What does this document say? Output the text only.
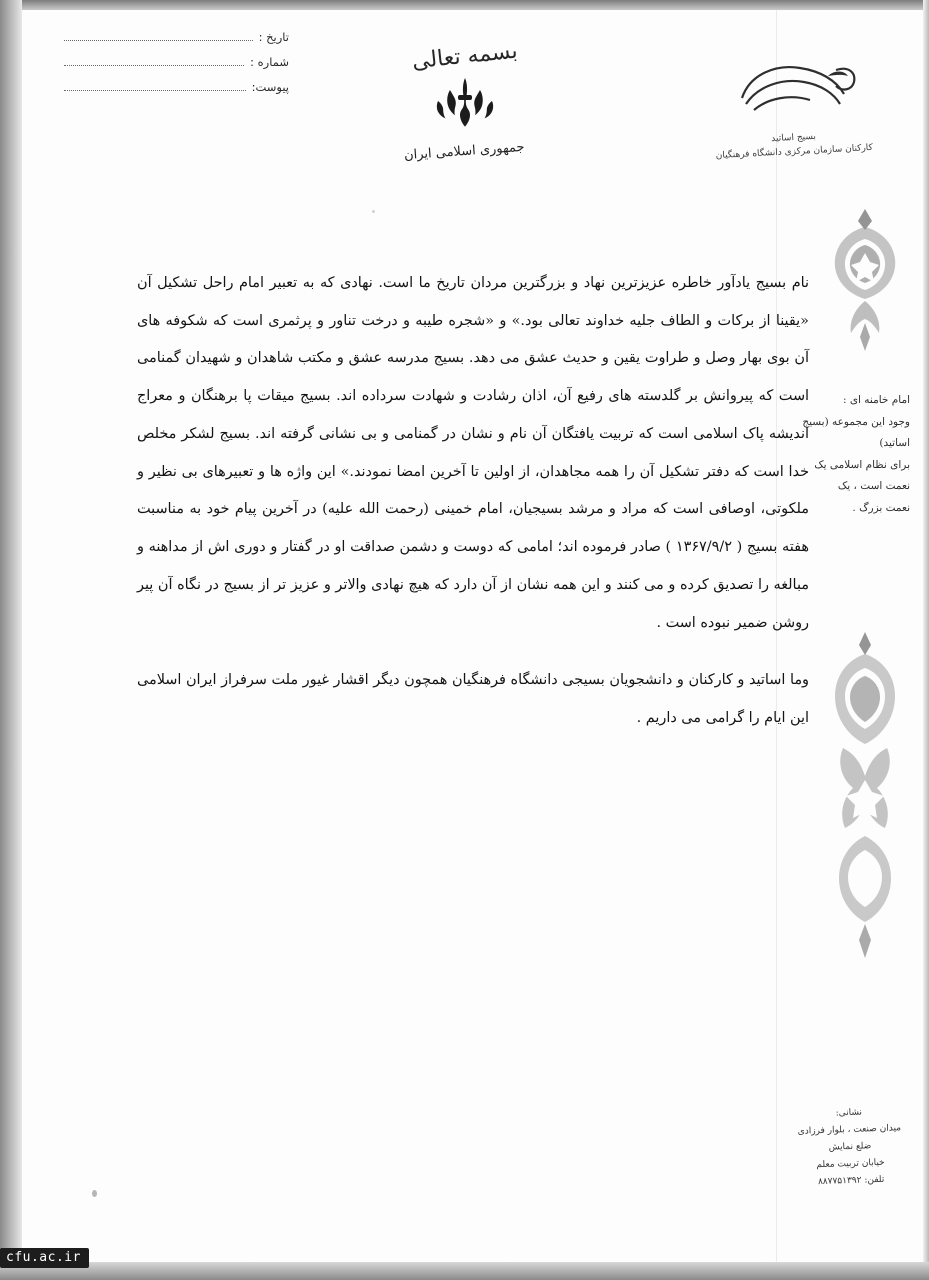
تاریخ :
شماره :
پیوست:
بسمه تعالی
جمهوری اسلامی ایران
بسیج اساتید
کارکنان سازمان مرکزی دانشگاه فرهنگیان

امام خامنه ای :

وجود این مجموعه (بسیج اساتید)

برای نظام اسلامی یک

نعمت است ، یک

نعمت بزرگ .

نام بسیج یادآور خاطره عزیزترین نهاد و بزرگترین مردان تاریخ ما است. نهادی که به تعبیر امام راحل تشکیل آن «یقینا از برکات و الطاف جلیه خداوند تعالی بود.» و «شجره طیبه و درخت تناور و پرثمری است که شکوفه های آن بوی بهار وصل و طراوت یقین و حدیث عشق می دهد. بسیج مدرسه عشق و مکتب شاهدان و شهیدان گمنامی است که پیروانش بر گلدسته های رفیع آن، اذان رشادت و شهادت سرداده اند. بسیج میقات پا برهنگان و معراج اندیشه پاک اسلامی است که تربیت یافتگان آن نام و نشان در گمنامی و بی نشانی گرفته اند. بسیج لشکر مخلص خدا است که دفتر تشکیل آن را همه مجاهدان، از اولین تا آخرین امضا نمودند.» این واژه ها و تعبیرهای بی نظیر و ملکوتی، اوصافی است که مراد و مرشد بسیجیان، امام خمینی (رحمت الله علیه) در آخرین پیام خود به مناسبت هفته بسیج ( ۱۳۶۷/۹/۲ ) صادر فرموده اند؛ امامی که دوست و دشمن صداقت او در گفتار و دوری اش از مداهنه و مبالغه را تصدیق کرده و می کنند و این همه نشان از آن دارد که هیچ نهادی والاتر و عزیز تر از بسیج در نگاه آن پیر روشن ضمیر نبوده است .

وما اساتید و کارکنان و دانشجویان بسیجی دانشگاه فرهنگیان همچون دیگر اقشار غیور ملت سرفراز ایران اسلامی این ایام را گرامی می داریم .

نشانی:
میدان صنعت ، بلوار فرزادی ضلع نمایش
خیابان تربیت معلم
تلفن: ۸۸۷۷۵۱۳۹۲
cfu.ac.ir
